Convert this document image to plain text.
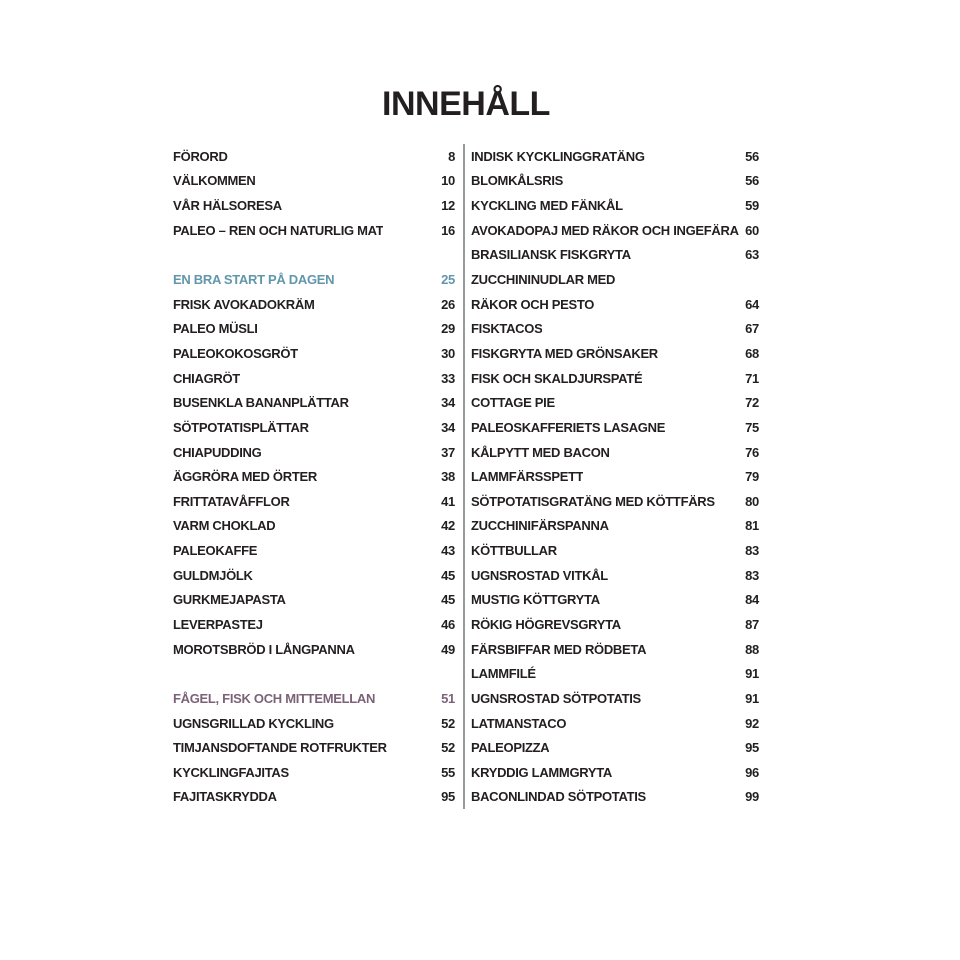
INNEHÅLL
FÖRORD	8
VÄLKOMMEN	10
VÅR HÄLSORESA	12
PALEO – REN OCH NATURLIG MAT	16
EN BRA START PÅ DAGEN	25
FRISK AVOKADOKRÄM	26
PALEO MÜSLI	29
PALEOKOKOSGRÖT	30
CHIAGRÖT	33
BUSENKLA BANANPLÄTTAR	34
SÖTPOTATISPLÄTTAR	34
CHIAPUDDING	37
ÄGGRÖRA MED ÖRTER	38
FRITTATAVÅFFLOR	41
VARM CHOKLAD	42
PALEOKAFFE	43
GULDMJÖLK	45
GURKMEJAPASTA	45
LEVERPASTEJ	46
MOROTSBRÖD I LÅNGPANNA	49
FÅGEL, FISK OCH MITTEMELLAN	51
UGNSGRILLAD KYCKLING	52
TIMJANSDOFTANDE ROTFRUKTER	52
KYCKLINGFAJITAS	55
FAJITASKRYDDA	95
INDISK KYCKLINGGRATÄNG	56
BLOMKÅLSRIS	56
KYCKLING MED FÄNKÅL	59
AVOKADOPAJ MED RÄKOR OCH INGEFÄRA 60
BRASILIANSK FISKGRYTA	63
ZUCCHININUDLAR MED
RÄKOR OCH PESTO	64
FISKTACOS	67
FISKGRYTA MED GRÖNSAKER	68
FISK OCH SKALDJURSPATÉ	71
COTTAGE PIE	72
PALEOSKAFFERIETS LASAGNE	75
KÅLPYTT MED BACON	76
LAMMFÄRSSPETT	79
SÖTPOTATISGRATÄNG MED KÖTTFÄRS 80
ZUCCHINIFÄRSPANNA	81
KÖTTBULLAR	83
UGNSROSTAD VITKÅL	83
MUSTIG KÖTTGRYTA	84
RÖKIG HÖGREVSGRYTA	87
FÄRSBIFFAR MED RÖDBETA	88
LAMMFILÉ	91
UGNSROSTAD SÖTPOTATIS	91
LATMANSTACO	92
PALEOPIZZA	95
KRYDDIG LAMMGRYTA	96
BACONLINDAD SÖTPOTATIS	99
